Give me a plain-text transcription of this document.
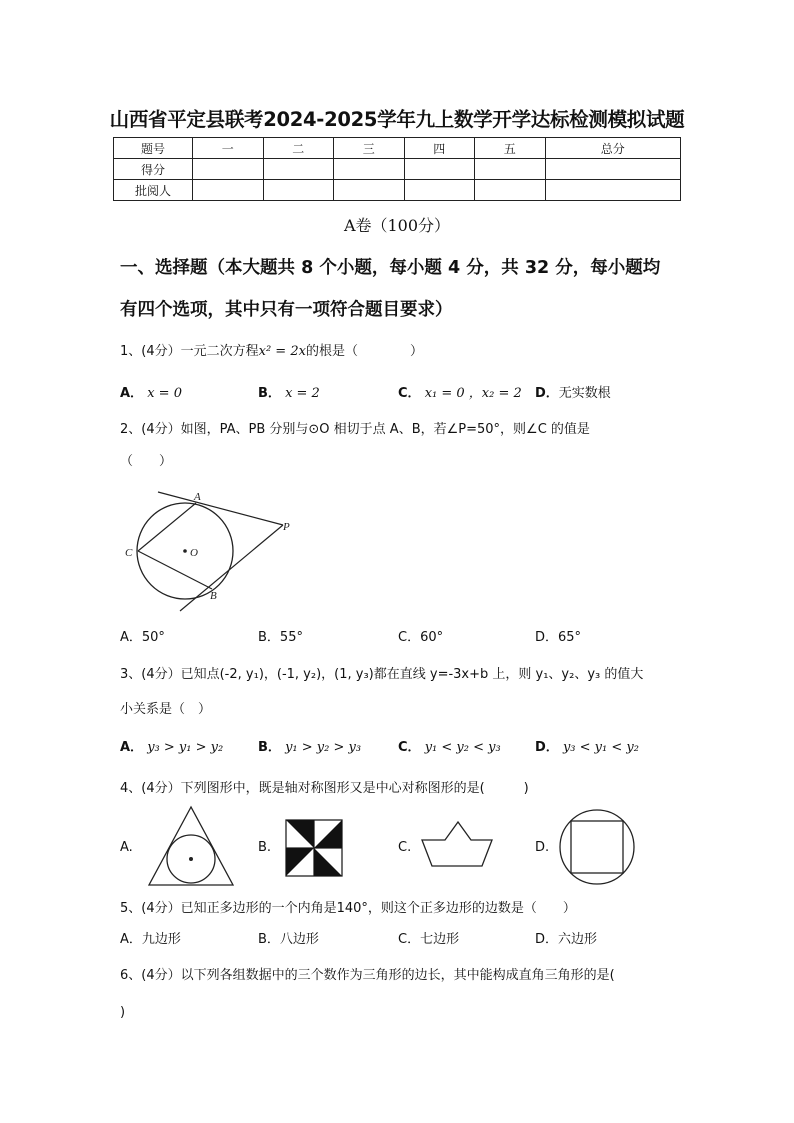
山西省平定县联考2024-2025学年九上数学开学达标检测模拟试题
题号	一	二	三	四	五	总分
得分						
批阅人						
A卷（100分）
一、选择题（本大题共 8 个小题，每小题 4 分，共 32 分，每小题均
有四个选项，其中只有一项符合题目要求）
1、(4分）一元二次方程x² = 2x的根是（　　　　）
A． x = 0	B． x = 2	C． x₁ = 0 ，x₂ = 2 D．无实数根
2、(4分）如图，PA、PB 分别与⊙O 相切于点 A、B，若∠P=50°，则∠C 的值是
（　　）
A
P
C	O
B
A．50°	B．55°	C．60°	D．65°
3、(4分）已知点(-2, y₁)，(-1, y₂)，(1, y₃)都在直线 y=-3x+b 上，则 y₁、y₂、y₃ 的值大
小关系是（　）
A． y₃ > y₁ > y₂	B． y₁ > y₂ > y₃	C． y₁ < y₂ < y₃	D． y₃ < y₁ < y₂
4、(4分）下列图形中，既是轴对称图形又是中心对称图形的是(　　　)
A.	B.	C.	D.
5、(4分）已知正多边形的一个内角是140°，则这个正多边形的边数是（　　）
A．九边形	B．八边形	C．七边形	D．六边形
6、(4分）以下列各组数据中的三个数作为三角形的边长，其中能构成直角三角形的是(
)
